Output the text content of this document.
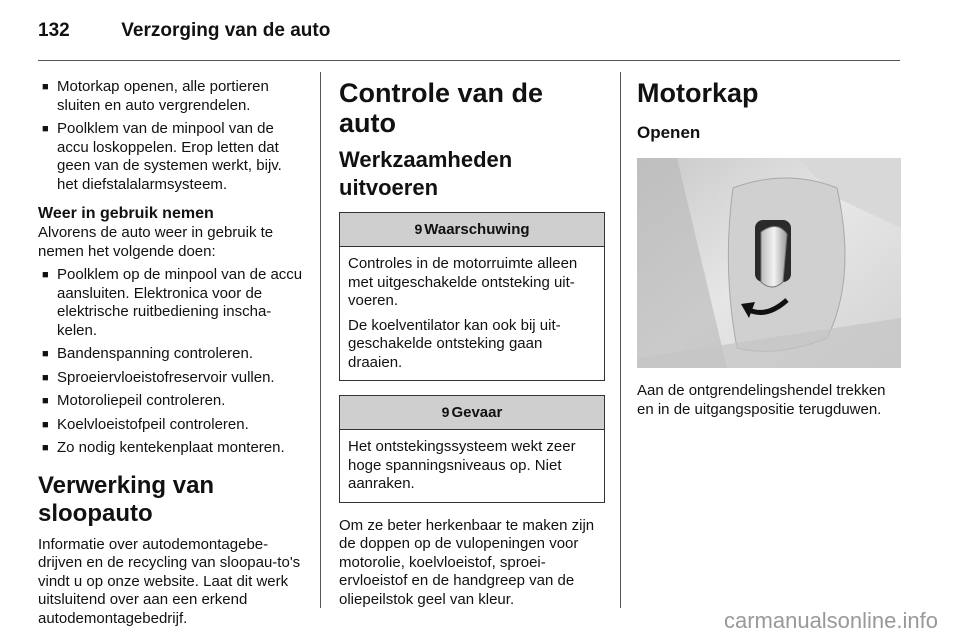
132	Verzorging van de auto
■ Motorkap openen, alle portieren sluiten en auto vergrendelen.
■ Poolklem van de minpool van de accu loskoppelen. Erop letten dat geen van de systemen werkt, bijv. het diefstalalarmsysteem.
Weer in gebruik nemen

Alvorens de auto weer in gebruik te nemen het volgende doen:

■ Poolklem op de minpool van de accu aansluiten. Elektronica voor de elektrische ruitbediening inscha-kelen.
■ Bandenspanning controleren.
■ Sproeiervloeistofreservoir vullen.
■ Motoroliepeil controleren.
■ Koelvloeistofpeil controleren.
■ Zo nodig kentekenplaat monteren.
Verwerking van sloopauto

Informatie over autodemontagebe-drijven en de recycling van sloopau-to's vindt u op onze website. Laat dit werk uitsluitend over aan een erkend autodemontagebedrijf.

Controle van de auto
Werkzaamheden uitvoeren
9 Waarschuwing

Controles in de motorruimte alleen met uitgeschakelde ontsteking uit-voeren.

De koelventilator kan ook bij uit-geschakelde ontsteking gaan draaien.

9 Gevaar

Het ontstekingssysteem wekt zeer hoge spanningsniveaus op. Niet aanraken.

Om ze beter herkenbaar te maken zijn de doppen op de vulopeningen voor motorolie, koelvloeistof, sproei-ervloeistof en de handgreep van de oliepeilstok geel van kleur.

Motorkap
Openen

Aan de ontgrendelingshendel trekken en in de uitgangspositie terugduwen.

carmanualsonline.info
